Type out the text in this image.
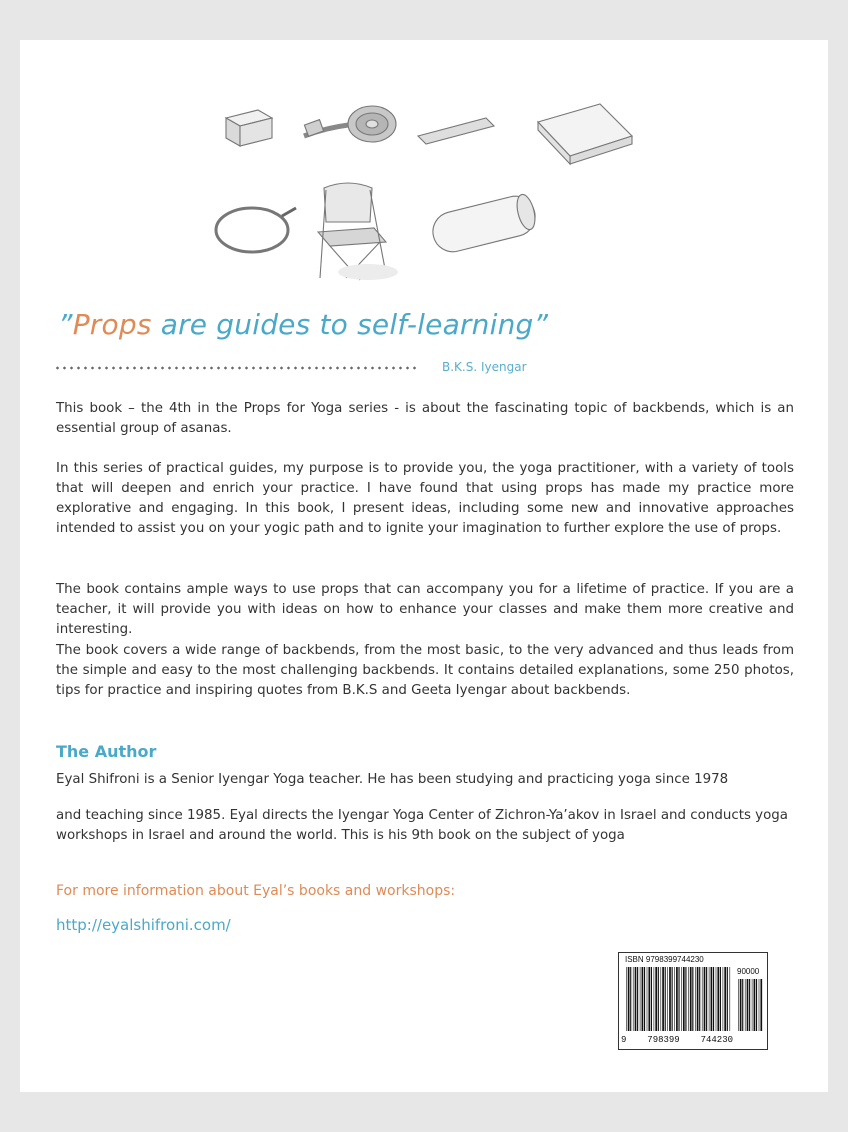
”Props are guides to self-learning”
B.K.S. Iyengar

This book – the 4th in the Props for Yoga series - is about the fascinating topic of backbends, which is an essential group of asanas.

In this series of practical guides, my purpose is to provide you, the yoga practitioner, with a variety of tools that will deepen and enrich your practice. I have found that using props has made my practice more explorative and engaging. In this book, I present ideas, including some new and innovative approaches intended to assist you on your yogic path and to ignite your imagination to further explore the use of props.

The book contains ample ways to use props that can accompany you for a lifetime of practice. If you are a teacher, it will provide you with ideas on how to enhance your classes and make them more creative and interesting.

The book covers a wide range of backbends, from the most basic, to the very advanced and thus leads from the simple and easy to the most challenging backbends. It contains detailed explanations, some 250 photos, tips for practice and inspiring quotes from B.K.S and Geeta Iyengar about backbends.

The Author

Eyal Shifroni is a Senior Iyengar Yoga teacher. He has been studying and practicing yoga since 1978

and teaching since 1985. Eyal directs the Iyengar Yoga Center of Zichron-Ya’akov in Israel and conducts yoga workshops in Israel and around the world. This is his 9th book on the subject of yoga

For more information about Eyal’s books and workshops:

http://eyalshifroni.com/
ISBN 9798399744230
90000
9 798399 744230
